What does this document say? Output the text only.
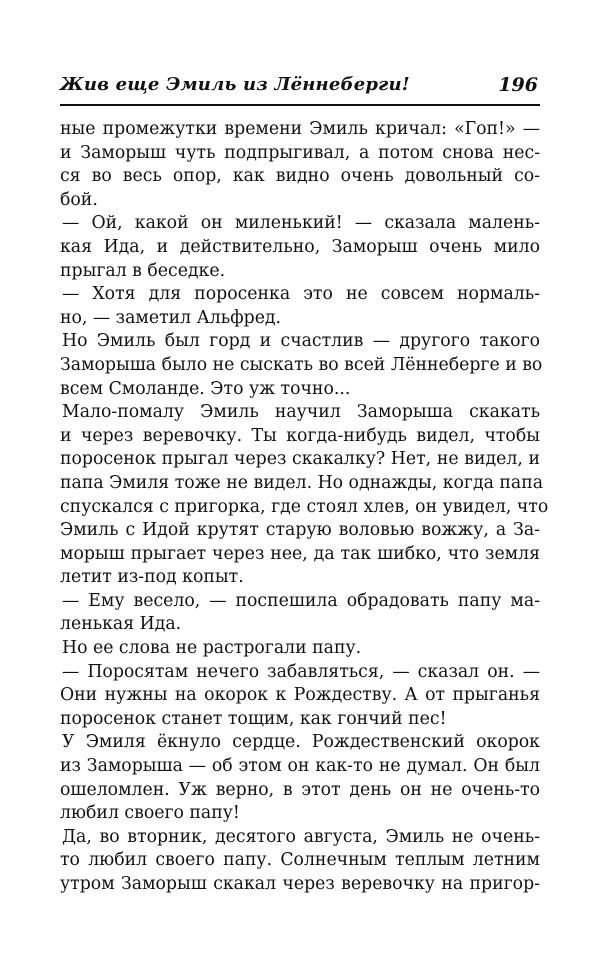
Жив еще Эмиль из Лённеберги!	196
ные промежутки времени Эмиль кричал: «Гоп!» —
и Заморыш чуть подпрыгивал, а потом снова нес-
ся во весь опор, как видно очень довольный со-
бой.
— Ой, какой он миленький! — сказала малень-
кая Ида, и действительно, Заморыш очень мило
прыгал в беседке.
— Хотя для поросенка это не совсем нормаль-
но, — заметил Альфред.
Но Эмиль был горд и счастлив — другого такого
Заморыша было не сыскать во всей Лённеберге и во
всем Смоланде. Это уж точно...
Мало-помалу Эмиль научил Заморыша скакать
и через веревочку. Ты когда-нибудь видел, чтобы
поросенок прыгал через скакалку? Нет, не видел, и
папа Эмиля тоже не видел. Но однажды, когда папа
спускался с пригорка, где стоял хлев, он увидел, что
Эмиль с Идой крутят старую воловью вожжу, а За-
морыш прыгает через нее, да так шибко, что земля
летит из-под копыт.
— Ему весело, — поспешила обрадовать папу ма-
ленькая Ида.
Но ее слова не растрогали папу.
— Поросятам нечего забавляться, — сказал он. —
Они нужны на окорок к Рождеству. А от прыганья
поросенок станет тощим, как гончий пес!
У Эмиля ёкнуло сердце. Рождественский окорок
из Заморыша — об этом он как-то не думал. Он был
ошеломлен. Уж верно, в этот день он не очень-то
любил своего папу!
Да, во вторник, десятого августа, Эмиль не очень-
то любил своего папу. Солнечным теплым летним
утром Заморыш скакал через веревочку на пригор-
